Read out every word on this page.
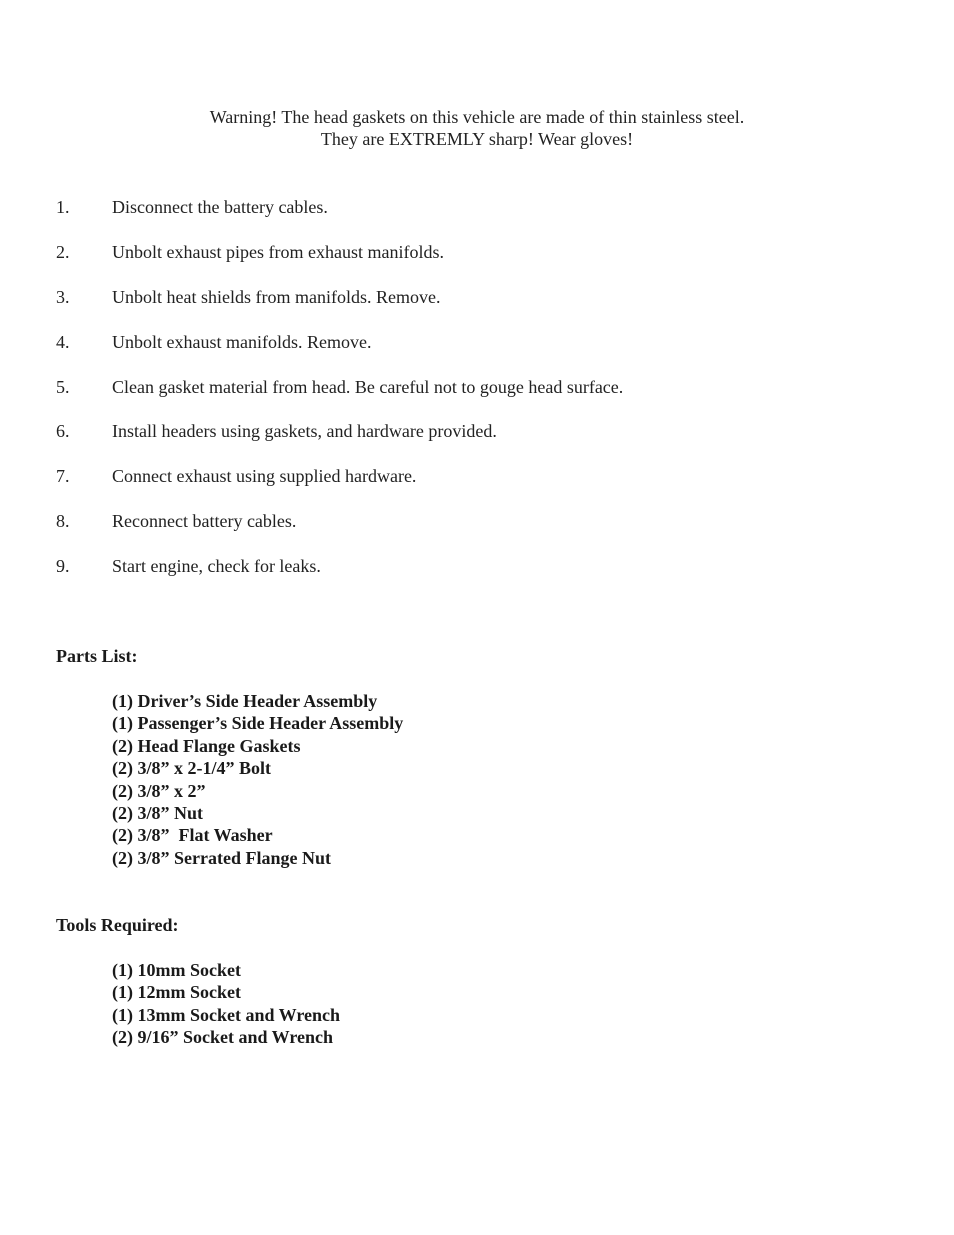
Warning! The head gaskets on this vehicle are made of thin stainless steel.
They are EXTREMLY sharp! Wear gloves!
1.	Disconnect the battery cables.
2.	Unbolt exhaust pipes from exhaust manifolds.
3.	Unbolt heat shields from manifolds. Remove.
4.	Unbolt exhaust manifolds. Remove.
5.	Clean gasket material from head. Be careful not to gouge head surface.
6.	Install headers using gaskets, and hardware provided.
7.	Connect exhaust using supplied hardware.
8.	Reconnect battery cables.
9.	Start engine, check for leaks.
Parts List:
(1) Driver’s Side Header Assembly
(1) Passenger’s Side Header Assembly
(2) Head Flange Gaskets
(2) 3/8” x 2-1/4” Bolt
(2) 3/8” x 2”
(2) 3/8” Nut
(2) 3/8”  Flat Washer
(2) 3/8” Serrated Flange Nut
Tools Required:
(1) 10mm Socket
(1) 12mm Socket
(1) 13mm Socket and Wrench
(2) 9/16” Socket and Wrench
